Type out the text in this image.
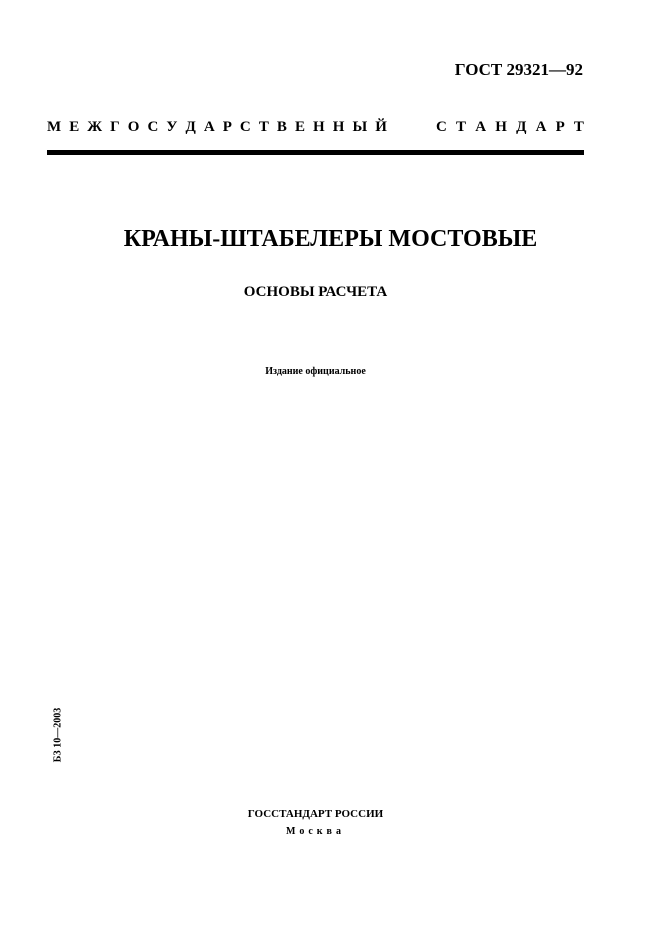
ГОСТ 29321—92
М Е Ж Г О С У Д А Р С Т В Е Н Н Ы Й	С Т А Н Д А Р Т
КРАНЫ-ШТАБЕЛЕРЫ МОСТОВЫЕ
ОСНОВЫ РАСЧЕТА
Издание официальное
БЗ 10—2003
ГОССТАНДАРТ РОССИИ
Москва
